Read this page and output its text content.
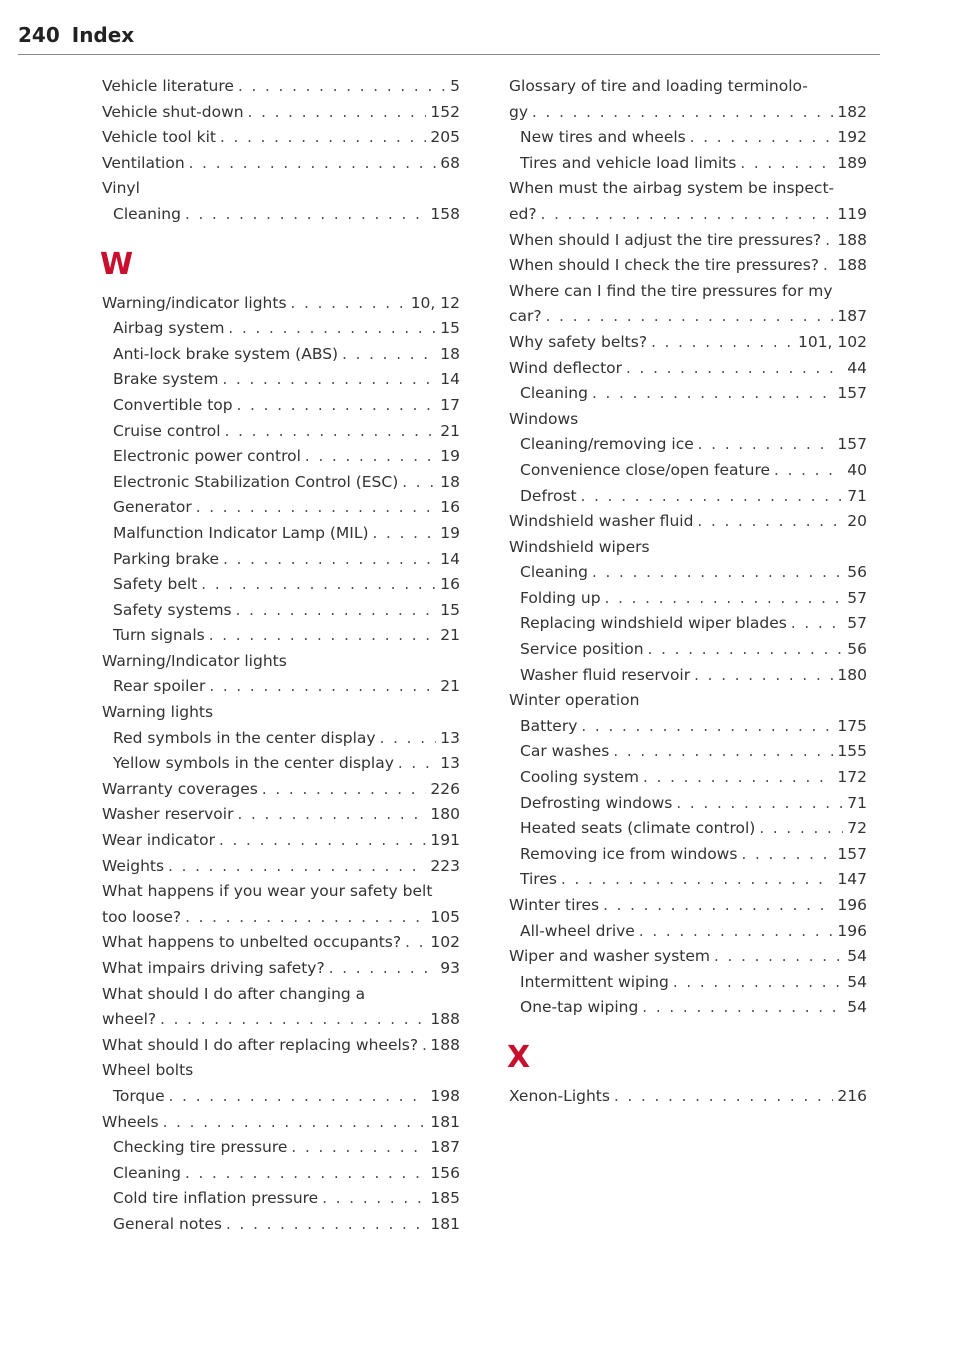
240 Index
Vehicle literature . . .	5
Vehicle shut-down . . .	152
Vehicle tool kit . . .	205
Ventilation . . .	68
Vinyl
Cleaning . . .	158
W
Warning/indicator lights . . .	10, 12
Airbag system . . .	15
Anti-lock brake system (ABS) . . .	18
Brake system . . .	14
Convertible top . . .	17
Cruise control . . .	21
Electronic power control . . .	19
Electronic Stabilization Control (ESC) . . .	18
Generator . . .	16
Malfunction Indicator Lamp (MIL) . . .	19
Parking brake . . .	14
Safety belt . . .	16
Safety systems . . .	15
Turn signals . . .	21
Warning/Indicator lights
Rear spoiler . . .	21
Warning lights
Red symbols in the center display . . .	13
Yellow symbols in the center display . . .	13
Warranty coverages . . .	226
Washer reservoir . . .	180
Wear indicator . . .	191
Weights . . .	223
What happens if you wear your safety belt
too loose? . . .	105
What happens to unbelted occupants? . . . 102
What impairs driving safety? . . .	93
What should I do after changing a
wheel? . . .	188
What should I do after replacing wheels? . . . 188
Wheel bolts
Torque . . .	198
Wheels . . .	181
Checking tire pressure . . .	187
Cleaning . . .	156
Cold tire inflation pressure . . .	185
General notes . . .	181
Glossary of tire and loading terminolo-
gy . . .	182
New tires and wheels . . .	192
Tires and vehicle load limits . . .	189
When must the airbag system be inspect-
ed? . . .	119
When should I adjust the tire pressures? . . . 188
When should I check the tire pressures? . . . 188
Where can I find the tire pressures for my
car? . . .	187
Why safety belts? . . .	101, 102
Wind deflector . . .	44
Cleaning . . .	157
Windows
Cleaning/removing ice . . .	157
Convenience close/open feature . . .	40
Defrost . . .	71
Windshield washer fluid . . .	20
Windshield wipers
Cleaning . . .	56
Folding up . . .	57
Replacing windshield wiper blades . . .	57
Service position . . .	56
Washer fluid reservoir . . .	180
Winter operation
Battery . . .	175
Car washes . . .	155
Cooling system . . .	172
Defrosting windows . . .	71
Heated seats (climate control) . . .	72
Removing ice from windows . . .	157
Tires . . .	147
Winter tires . . .	196
All-wheel drive . . .	196
Wiper and washer system . . .	54
Intermittent wiping . . .	54
One-tap wiping . . .	54
X
Xenon-Lights . . .	216
